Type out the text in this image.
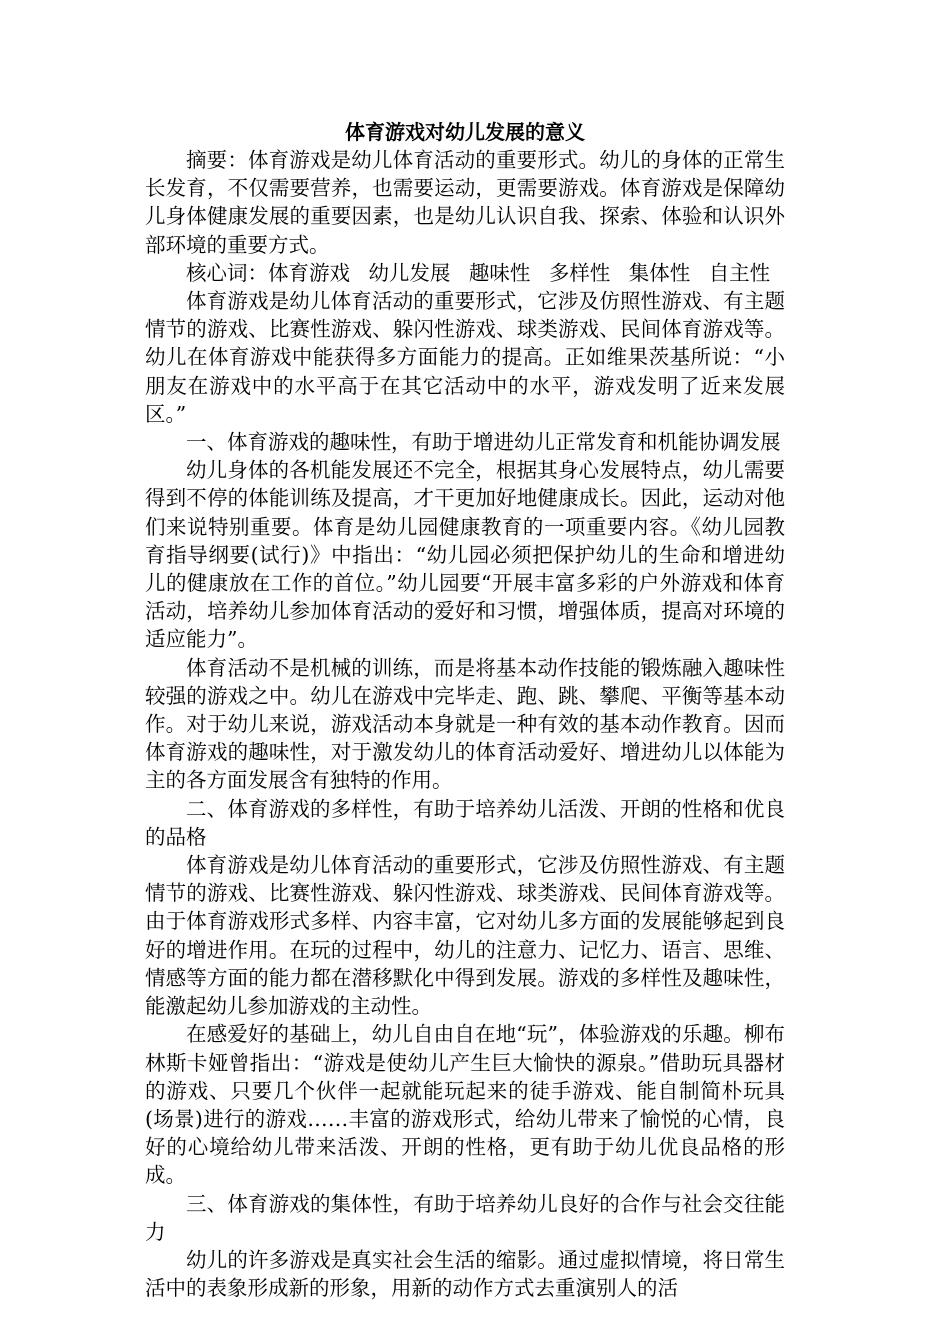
体育游戏对幼儿发展的意义

摘要：体育游戏是幼儿体育活动的重要形式。幼儿的身体的正常生长发育，不仅需要营养，也需要运动，更需要游戏。体育游戏是保障幼儿身体健康发展的重要因素，也是幼儿认识自我、探索、体验和认识外部环境的重要方式。

核心词：体育游戏 幼儿发展 趣味性 多样性 集体性 自主性

体育游戏是幼儿体育活动的重要形式，它涉及仿照性游戏、有主题情节的游戏、比赛性游戏、躲闪性游戏、球类游戏、民间体育游戏等。幼儿在体育游戏中能获得多方面能力的提高。正如维果茨基所说：“小朋友在游戏中的水平高于在其它活动中的水平，游戏发明了近来发展区。”

一、体育游戏的趣味性，有助于增进幼儿正常发育和机能协调发展

幼儿身体的各机能发展还不完全，根据其身心发展特点，幼儿需要得到不停的体能训练及提高，才干更加好地健康成长。因此，运动对他们来说特别重要。体育是幼儿园健康教育的一项重要内容。《幼儿园教育指导纲要(试行)》中指出：“幼儿园必须把保护幼儿的生命和增进幼儿的健康放在工作的首位。”幼儿园要“开展丰富多彩的户外游戏和体育活动，培养幼儿参加体育活动的爱好和习惯，增强体质，提高对环境的适应能力”。

体育活动不是机械的训练，而是将基本动作技能的锻炼融入趣味性较强的游戏之中。幼儿在游戏中完毕走、跑、跳、攀爬、平衡等基本动作。对于幼儿来说，游戏活动本身就是一种有效的基本动作教育。因而体育游戏的趣味性，对于激发幼儿的体育活动爱好、增进幼儿以体能为主的各方面发展含有独特的作用。

二、体育游戏的多样性，有助于培养幼儿活泼、开朗的性格和优良的品格

体育游戏是幼儿体育活动的重要形式，它涉及仿照性游戏、有主题情节的游戏、比赛性游戏、躲闪性游戏、球类游戏、民间体育游戏等。由于体育游戏形式多样、内容丰富，它对幼儿多方面的发展能够起到良好的增进作用。在玩的过程中，幼儿的注意力、记忆力、语言、思维、情感等方面的能力都在潜移默化中得到发展。游戏的多样性及趣味性，能激起幼儿参加游戏的主动性。

在感爱好的基础上，幼儿自由自在地“玩”，体验游戏的乐趣。柳布林斯卡娅曾指出：“游戏是使幼儿产生巨大愉快的源泉。”借助玩具器材的游戏、只要几个伙伴一起就能玩起来的徒手游戏、能自制简朴玩具(场景)进行的游戏……丰富的游戏形式，给幼儿带来了愉悦的心情，良好的心境给幼儿带来活泼、开朗的性格，更有助于幼儿优良品格的形成。

三、体育游戏的集体性，有助于培养幼儿良好的合作与社会交往能力

幼儿的许多游戏是真实社会生活的缩影。通过虚拟情境，将日常生活中的表象形成新的形象，用新的动作方式去重演别人的活
